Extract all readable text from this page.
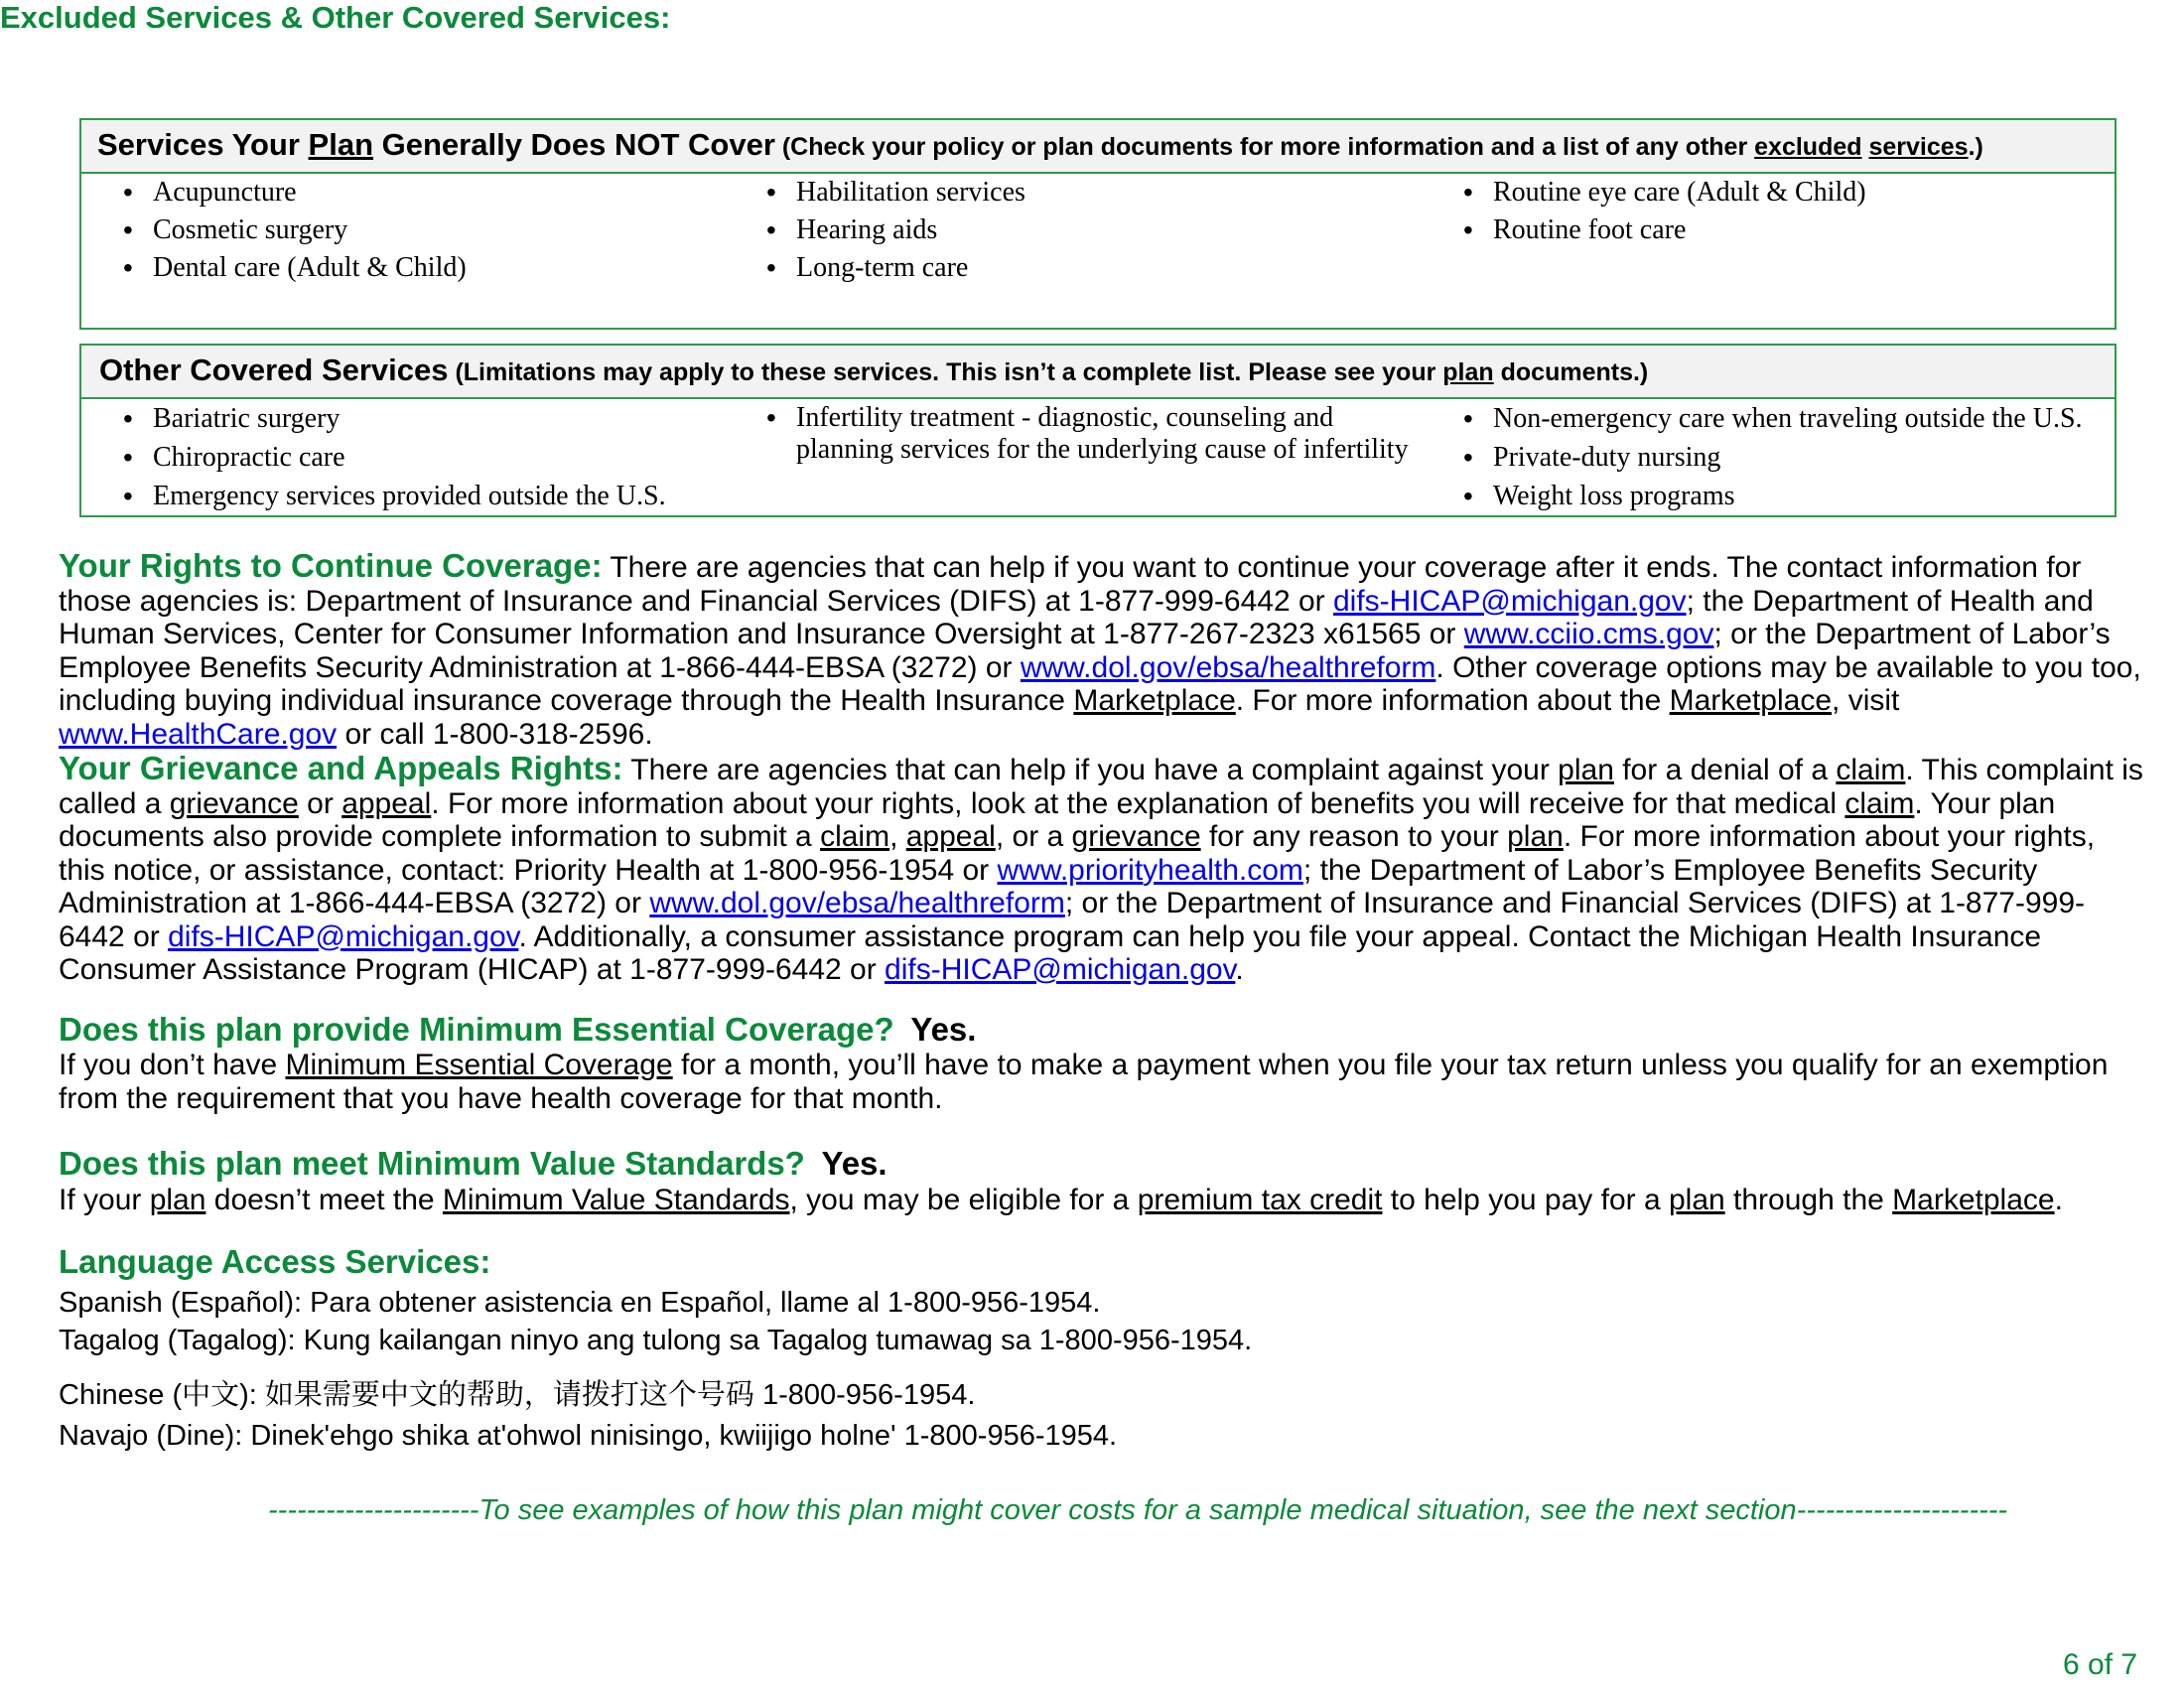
Excluded Services & Other Covered Services:
Services Your Plan Generally Does NOT Cover (Check your policy or plan documents for more information and a list of any other excluded services.)
• Acupuncture
• Cosmetic surgery
• Dental care (Adult & Child)
• Habilitation services
• Hearing aids
• Long-term care
• Routine eye care (Adult & Child)
• Routine foot care
Other Covered Services (Limitations may apply to these services. This isn’t a complete list. Please see your plan documents.)
• Bariatric surgery
• Chiropractic care
• Emergency services provided outside the U.S.
• Infertility treatment - diagnostic, counseling and planning services for the underlying cause of infertility
• Non-emergency care when traveling outside the U.S.
• Private-duty nursing
• Weight loss programs
Your Rights to Continue Coverage: There are agencies that can help if you want to continue your coverage after it ends. The contact information for those agencies is: Department of Insurance and Financial Services (DIFS) at 1-877-999-6442 or difs-HICAP@michigan.gov; the Department of Health and Human Services, Center for Consumer Information and Insurance Oversight at 1-877-267-2323 x61565 or www.cciio.cms.gov; or the Department of Labor’s Employee Benefits Security Administration at 1-866-444-EBSA (3272) or www.dol.gov/ebsa/healthreform. Other coverage options may be available to you too, including buying individual insurance coverage through the Health Insurance Marketplace. For more information about the Marketplace, visit www.HealthCare.gov or call 1-800-318-2596.
Your Grievance and Appeals Rights: There are agencies that can help if you have a complaint against your plan for a denial of a claim. This complaint is called a grievance or appeal. For more information about your rights, look at the explanation of benefits you will receive for that medical claim. Your plan documents also provide complete information to submit a claim, appeal, or a grievance for any reason to your plan. For more information about your rights, this notice, or assistance, contact: Priority Health at 1-800-956-1954 or www.priorityhealth.com; the Department of Labor’s Employee Benefits Security Administration at 1-866-444-EBSA (3272) or www.dol.gov/ebsa/healthreform; or the Department of Insurance and Financial Services (DIFS) at 1-877-999-6442 or difs-HICAP@michigan.gov. Additionally, a consumer assistance program can help you file your appeal. Contact the Michigan Health Insurance Consumer Assistance Program (HICAP) at 1-877-999-6442 or difs-HICAP@michigan.gov.
Does this plan provide Minimum Essential Coverage? Yes.
If you don’t have Minimum Essential Coverage for a month, you’ll have to make a payment when you file your tax return unless you qualify for an exemption from the requirement that you have health coverage for that month.
Does this plan meet Minimum Value Standards? Yes.
If your plan doesn’t meet the Minimum Value Standards, you may be eligible for a premium tax credit to help you pay for a plan through the Marketplace.
Language Access Services:
Spanish (Español): Para obtener asistencia en Español, llame al 1-800-956-1954.
Tagalog (Tagalog): Kung kailangan ninyo ang tulong sa Tagalog tumawag sa 1-800-956-1954.
Chinese (中文): 如果需要中文的帮助，请拨打这个号码 1-800-956-1954.
Navajo (Dine): Dinek'ehgo shika at'ohwol ninisingo, kwiijigo holne' 1-800-956-1954.
----------------------To see examples of how this plan might cover costs for a sample medical situation, see the next section----------------------
6 of 7
